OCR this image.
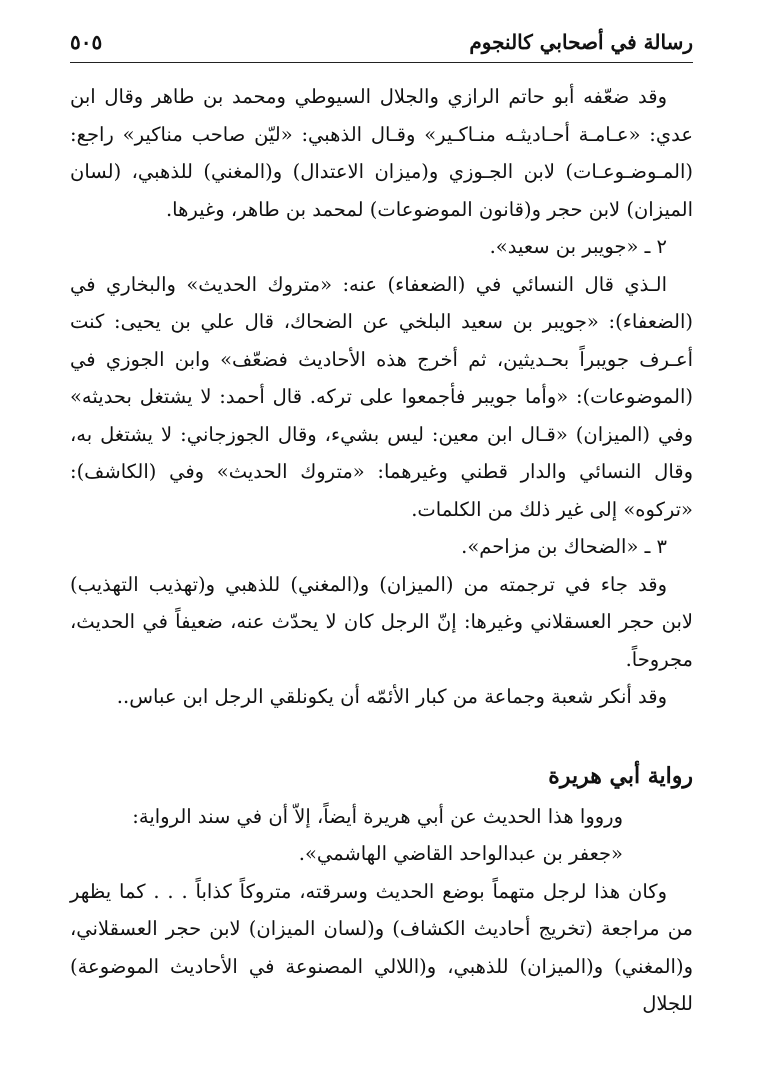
رسالة في أصحابي كالنجوم
٥٠٥

وقد ضعّفه أبو حاتم الرازي والجلال السيوطي ومحمد بن طاهر وقال ابن عدي: «عـامـة أحـاديثـه منـاكـير» وقـال الذهبي: «ليّن صاحب مناكير» راجع: (المـوضـوعـات) لابن الجـوزي و(ميزان الاعتدال) و(المغني) للذهبي، (لسان الميزان) لابن حجر و(قانون الموضوعات) لمحمد بن طاهر، وغيرها.

٢ ـ «جويبر بن سعيد».

الـذي قال النسائي في (الضعفاء) عنه: «متروك الحديث» والبخاري في (الضعفاء): «جويبر بن سعيد البلخي عن الضحاك، قال علي بن يحيى: كنت أعـرف جويبراً بحـديثين، ثم أخرج هذه الأحاديث فضعّف» وابن الجوزي في (الموضوعات): «وأما جويبر فأجمعوا على تركه. قال أحمد: لا يشتغل بحديثه» وفي (الميزان) «قـال ابن معين: ليس بشيء، وقال الجوزجاني: لا يشتغل به، وقال النسائي والدار قطني وغيرهما: «متروك الحديث» وفي (الكاشف): «تركوه» إلى غير ذلك من الكلمات.

٣ ـ «الضحاك بن مزاحم».

وقد جاء في ترجمته من (الميزان) و(المغني) للذهبي و(تهذيب التهذيب) لابن حجر العسقلاني وغيرها: إنّ الرجل كان لا يحدّث عنه، ضعيفاً في الحديث، مجروحاً.

وقد أنكر شعبة وجماعة من كبار الأئمّه أن يكونلقي الرجل ابن عباس..

رواية أبي هريرة

ورووا هذا الحديث عن أبي هريرة أيضاً، إلاّ أن في سند الرواية:

«جعفر بن عبدالواحد القاضي الهاشمي».

وكان هذا لرجل متهماً بوضع الحديث وسرقته، متروكاً كذاباً . . . كما يظهر من مراجعة (تخريج أحاديث الكشاف) و(لسان الميزان) لابن حجر العسقلاني، و(المغني) و(الميزان) للذهبي، و(اللالي المصنوعة في الأحاديث الموضوعة) للجلال
